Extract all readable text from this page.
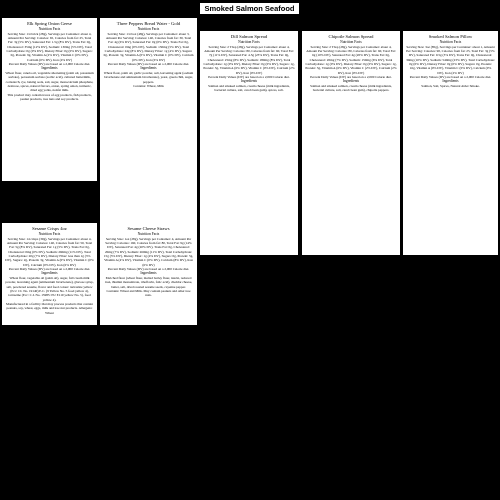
Smoked Salmon Seafood
Elk Spring Onion Geese
Nutrition Facts

Serving Size: 1/4 brick (28g), Servings per Container: about 4, Amount Per Serving: Calories: 65, Calories from fat: 25, Total Fat: 3g (5% DV), Saturated Fat: 1.5g (8% DV), Trans Fat: 0g, Cholesterol: 35mg (12% DV), Sodium: 130mg (5% DV), Total Carbohydrate: 0g (0% DV), Dietary Fiber: 0g (0% DV), Sugars: 0g, Protein: 9g, Vitamin A (2% DV), Vitamin C (0% DV), Calcium (0% DV), Iron (4% DV)

Percent Daily Values (DV) are based on a 2,000 Calorie diet.

Ingredients

Wheat flour, canola oil, vegetable shortening (palm oil, potassium sorbate), potassium sorbate (sorbic acid), cultured buttermilk, cornstarch, rye, baking soda, salt, sugar, monocalcium phosphate, dextrose, spices, natural flavors, onion, spring onion, turmeric, dried egg yolks, nonfat milk.

This product may contain traces of egg products, fish products, peanut products, tree nuts and soy products.

Three Peppers Bread Water - Gold
Nutrition Facts

Serving Size: 1/4 box (48g), Servings per Container: about 3, Amount Per Serving: Calories: 140, Calories from fat: 30, Total Fat: 4g (6% DV), Saturated Fat: 0g (0% DV), Trans Fat: 0g, Cholesterol: 0mg (0% DV), Sodium: 130mg (5% DV), Total Carbohydrate: 24g (8% DV), Dietary Fiber: 1g (4% DV), Sugars: 0g, Protein: 3g, Vitamin A (0% DV), Vitamin C (0% DV), Calcium (0% DV), Iron (6% DV)

Percent Daily Values (DV) are based on a 2,000 Calorie diet.

Ingredients

Wheat flour, palm oil, garlic powder, salt, leavening agent (sodium bicarbonate and ammonium bicarbonate), yeast, green chili, sugar, peppers.

Contains: Wheat, Milk

Dill Salmon Spread
Nutrition Facts

Serving Size: 2 Tbsp (28g), Servings per Container: about 4, Amount Per Serving: Calories: 80, Calories from fat: 60, Total Fat: 7g (11% DV), Saturated Fat: 4.5g (23% DV), Trans Fat: 0g, Cholesterol: 25mg (8% DV), Sodium: 180mg (8% DV), Total Carbohydrate: 1g (0% DV), Dietary Fiber: 0g (0% DV), Sugars: 1g, Protein: 3g, Vitamin A (6% DV), Vitamin C (0% DV), Calcium (2% DV), Iron (0% DV)

Percent Daily Values (DV) are based on a 2,000 Calorie diet.

Ingredients

Salmon and smoked salmon, cream cheese (milk ingredients, bacterial culture, salt, carob bean gum), spices, salt.

Chipotle Salmon Spread
Nutrition Facts

Serving Size: 2 Tbsp (28g), Servings per Container: about 4, Amount Per Serving: Calories: 80, Calories from fat: 60, Total Fat: 6g (10% DV), Saturated Fat: 4g (20% DV), Trans Fat: 0g, Cholesterol: 20mg (7% DV), Sodium: 150mg (6% DV), Total Carbohydrate: 1g (0% DV), Dietary Fiber: 0g (0% DV), Sugars: 1g, Protein: 3g, Vitamin A (6% DV), Vitamin C (2% DV), Calcium (2% DV), Iron (0% DV)

Percent Daily Values (DV) are based on a 2,000 Calorie diet.

Ingredients

Salmon and smoked salmon, cream cheese (milk ingredients, bacterial culture, salt, carob bean gum), chipotle peppers.

Smoked Salmon Pillow
Nutrition Facts

Serving Size: 3oz (85g), Servings per Container: about 1, Amount Per Serving: Calories: 90, Calories from fat: 25, Total Fat: 3g (5% DV), Saturated Fat: 0.5g (3% DV), Trans Fat: 0g, Cholesterol: 30mg (10% DV), Sodium: 540mg (23% DV), Total Carbohydrate: 0g (0% DV), Dietary Fiber: 0g (0% DV), Sugars: 0g, Protein: 16g, Vitamin A (0% DV), Vitamin C (0% DV), Calcium (0% DV), Iron (2% DV)

Percent Daily Values (DV) are based on a 2,000 Calorie diet.

Ingredients

Salmon, Salt, Spices, Natural Alder Smoke.

Sesame Crisps 4oz
Nutrition Facts

Serving Size: 14 crisps (30g), Servings per Container: about 4, Amount Per Serving: Calories: 140, Calories from fat: 50, Total Fat: 5g (8% DV), Saturated Fat: 1g (5% DV), Trans Fat: 0g, Cholesterol: 0mg (0% DV), Sodium: 260mg (11% DV), Total Carbohydrate: 20g (7% DV), Dietary Fiber: less than 1g (3% DV), Sugars: 2g, Protein: 3g, Vitamin A (0% DV), Vitamin C (0% DV), Calcium (0% DV), Iron (6% DV)

Percent Daily Values (DV) are based on a 2,000 Calorie diet.

Ingredients

Wheat flour, vegetable oil (palm oil), sugar, full cream milk powder, leavening agent (ammonium bicarbonate), glucose syrup, salt, powdered sesame, flavor and food colour: tartrazine yellow (Ecc: CI. No. 19140) E.C. (9 Yellow No. 5 food yellow 4), tartrazine (Ecc: C.I. No. 15985: EU E110 yellow No. 5), food yellow 4).

Manufactured in a facility that may process products that contain peanuts, soy, wheat, eggs, milk and tree nut products. Allergens: Wheat

Sesame Cheese Straws
Nutrition Facts

Serving Size: 1oz (28g), Servings per Container: 4, Amount Per Serving: Calories: 160, Calories from fat: 80, Total Fat: 9g (14% DV), Saturated Fat: 4g (20% DV), Trans Fat: 0g, Cholesterol: 20mg (7% DV), Sodium: 260mg (11% DV), Total Carbohydrate: 15g (5% DV), Dietary Fiber: 1g (4% DV), Sugars: 0g, Protein: 5g, Vitamin A (4% DV), Vitamin C (0% DV), Calcium (8% DV), Iron (6% DV)

Percent Daily Values (DV) are based on a 2,000 Calorie diet.

Ingredients

Enriched flour (wheat flour, malted barley flour, niacin, reduced iron, thiamin mononitrate, riboflavin, folic acid), cheddar cheese, butter, salt, dried roasted sesame seeds, cayenne pepper.

Contains: Wheat and Milk. May contain peanuts and other tree nuts.
